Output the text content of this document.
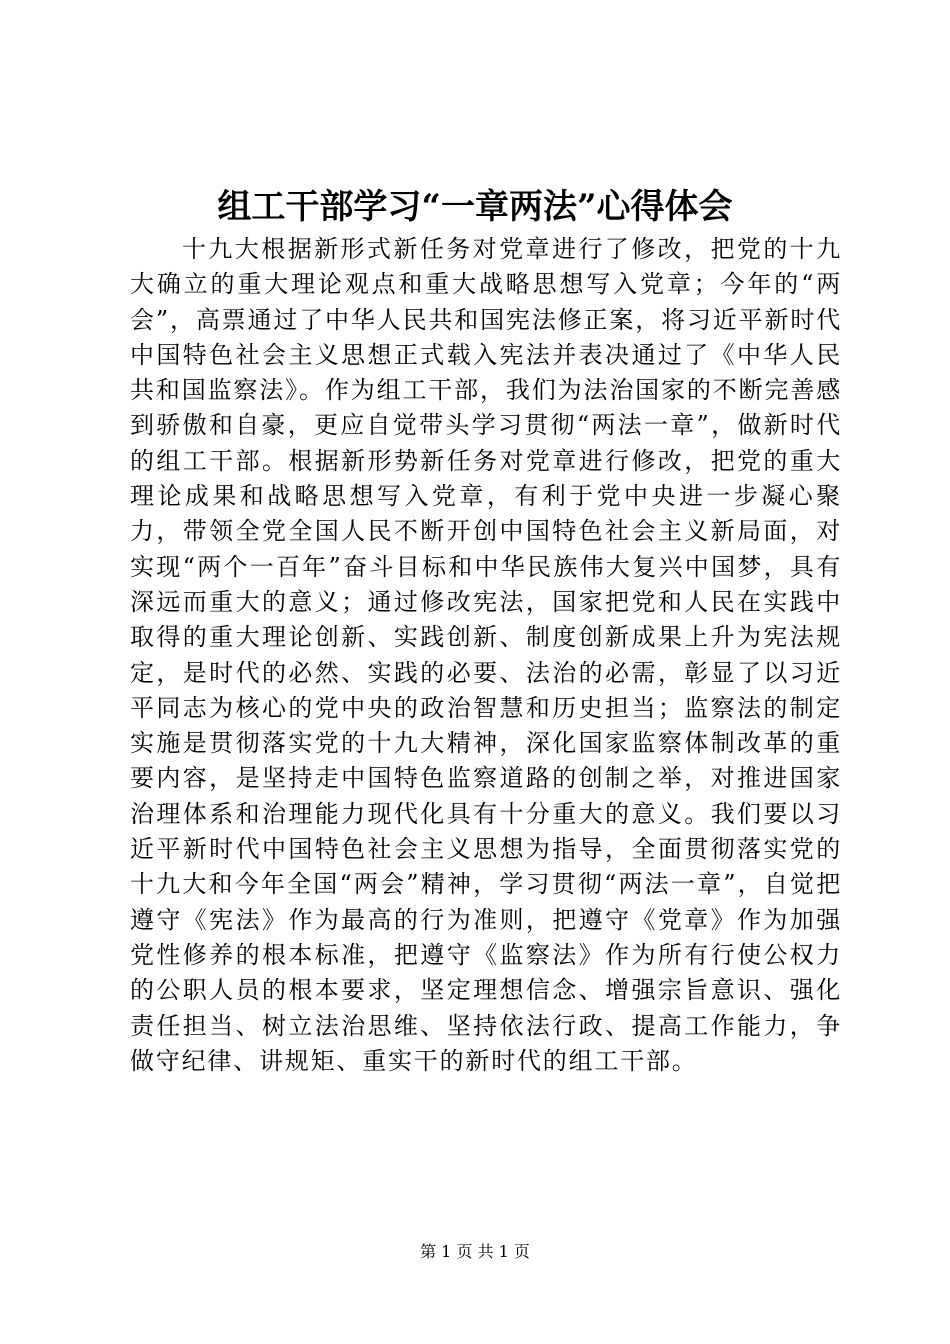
组工干部学习“一章两法”心得体会

十九大根据新形式新任务对党章进行了修改，把党的十九大确立的重大理论观点和重大战略思想写入党章；今年的“两会”，高票通过了中华人民共和国宪法修正案，将习近平新时代中国特色社会主义思想正式载入宪法并表决通过了《中华人民共和国监察法》。作为组工干部，我们为法治国家的不断完善感到骄傲和自豪，更应自觉带头学习贯彻“两法一章”，做新时代的组工干部。根据新形势新任务对党章进行修改，把党的重大理论成果和战略思想写入党章，有利于党中央进一步凝心聚力，带领全党全国人民不断开创中国特色社会主义新局面，对实现“两个一百年”奋斗目标和中华民族伟大复兴中国梦，具有深远而重大的意义；通过修改宪法，国家把党和人民在实践中取得的重大理论创新、实践创新、制度创新成果上升为宪法规定，是时代的必然、实践的必要、法治的必需，彰显了以习近平同志为核心的党中央的政治智慧和历史担当；监察法的制定实施是贯彻落实党的十九大精神，深化国家监察体制改革的重要内容，是坚持走中国特色监察道路的创制之举，对推进国家治理体系和治理能力现代化具有十分重大的意义。我们要以习近平新时代中国特色社会主义思想为指导，全面贯彻落实党的十九大和今年全国“两会”精神，学习贯彻“两法一章”，自觉把遵守《宪法》作为最高的行为准则，把遵守《党章》作为加强党性修养的根本标准，把遵守《监察法》作为所有行使公权力的公职人员的根本要求，坚定理想信念、增强宗旨意识、强化责任担当、树立法治思维、坚持依法行政、提高工作能力，争做守纪律、讲规矩、重实干的新时代的组工干部。

第 1 页 共 1 页
